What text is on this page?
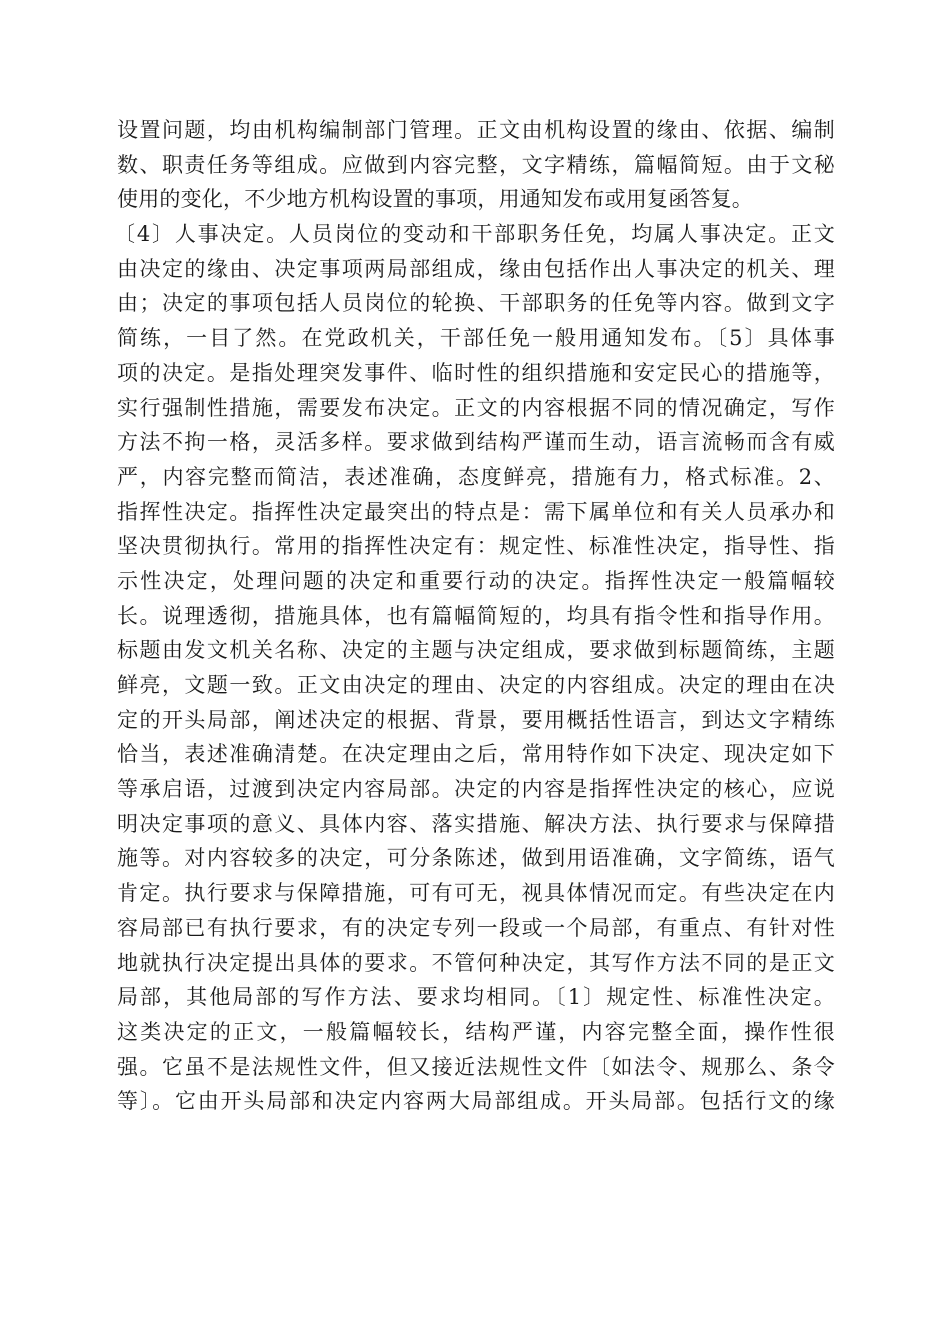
设置问题，均由机构编制部门管理。正文由机构设置的缘由、依据、编制
数、职责任务等组成。应做到内容完整，文字精练，篇幅简短。由于文秘
使用的变化，不少地方机构设置的事项，用通知发布或用复函答复。
〔4〕人事决定。人员岗位的变动和干部职务任免，均属人事决定。正文
由决定的缘由、决定事项两局部组成，缘由包括作出人事决定的机关、理
由；决定的事项包括人员岗位的轮换、干部职务的任免等内容。做到文字
简练，一目了然。在党政机关，干部任免一般用通知发布。〔5〕具体事
项的决定。是指处理突发事件、临时性的组织措施和安定民心的措施等，
实行强制性措施，需要发布决定。正文的内容根据不同的情况确定，写作
方法不拘一格，灵活多样。要求做到结构严谨而生动，语言流畅而含有威
严，内容完整而简洁，表述准确，态度鲜亮，措施有力，格式标准。2、
指挥性决定。指挥性决定最突出的特点是：需下属单位和有关人员承办和
坚决贯彻执行。常用的指挥性决定有：规定性、标准性决定，指导性、指
示性决定，处理问题的决定和重要行动的决定。指挥性决定一般篇幅较
长。说理透彻，措施具体，也有篇幅简短的，均具有指令性和指导作用。
标题由发文机关名称、决定的主题与决定组成，要求做到标题简练，主题
鲜亮，文题一致。正文由决定的理由、决定的内容组成。决定的理由在决
定的开头局部，阐述决定的根据、背景，要用概括性语言，到达文字精练
恰当，表述准确清楚。在决定理由之后，常用特作如下决定、现决定如下
等承启语，过渡到决定内容局部。决定的内容是指挥性决定的核心，应说
明决定事项的意义、具体内容、落实措施、解决方法、执行要求与保障措
施等。对内容较多的决定，可分条陈述，做到用语准确，文字简练，语气
肯定。执行要求与保障措施，可有可无，视具体情况而定。有些决定在内
容局部已有执行要求，有的决定专列一段或一个局部，有重点、有针对性
地就执行决定提出具体的要求。不管何种决定，其写作方法不同的是正文
局部，其他局部的写作方法、要求均相同。〔1〕规定性、标准性决定。
这类决定的正文，一般篇幅较长，结构严谨，内容完整全面，操作性很
强。它虽不是法规性文件，但又接近法规性文件〔如法令、规那么、条令
等〕。它由开头局部和决定内容两大局部组成。开头局部。包括行文的缘
